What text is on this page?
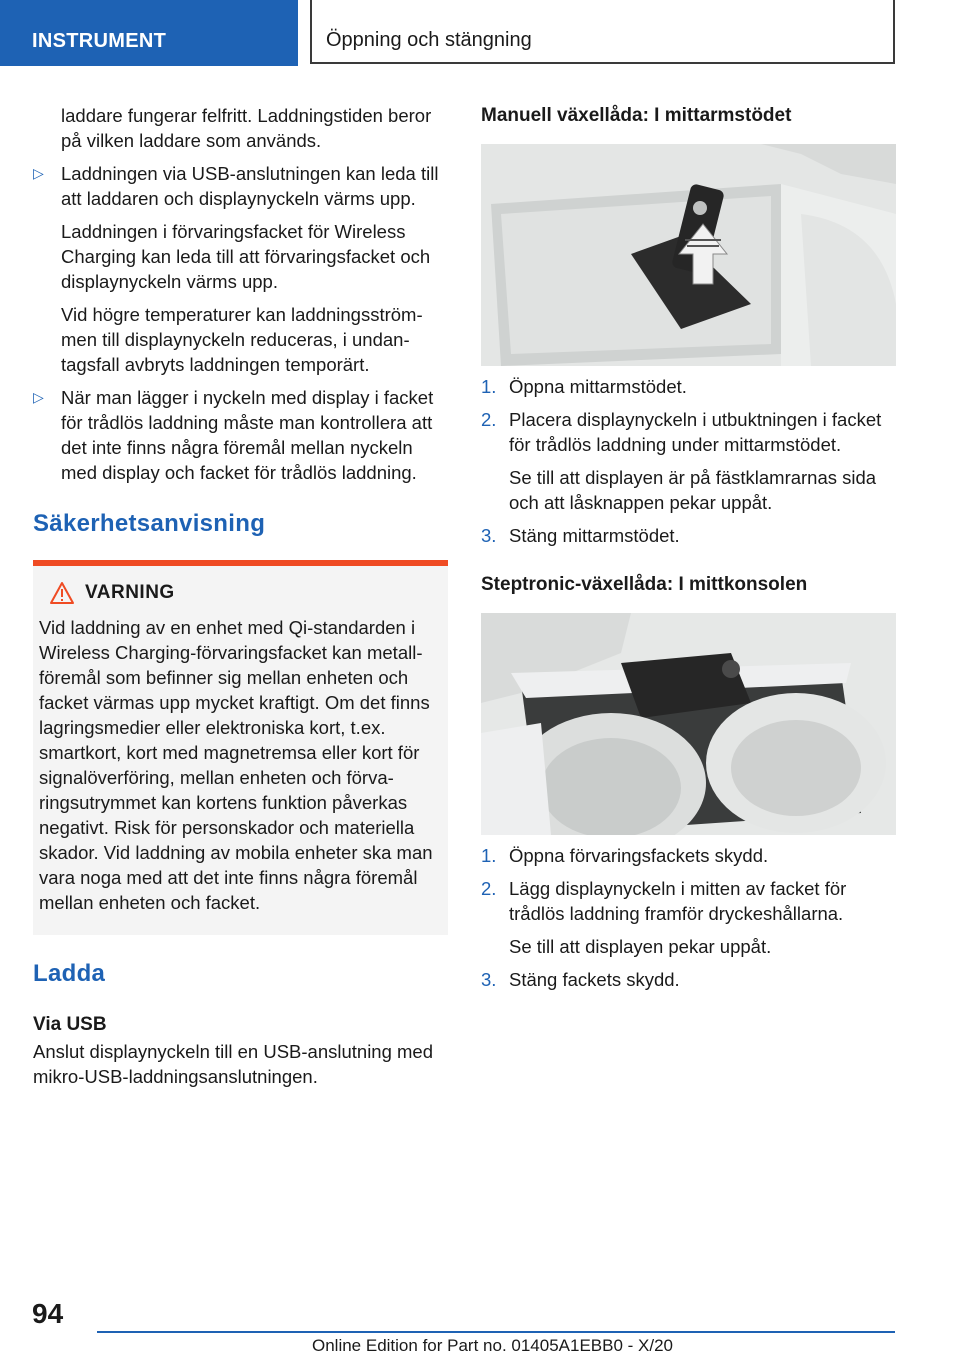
INSTRUMENT	Öppning och stängning

laddare fungerar felfritt. Laddningstiden beror på vilken laddare som används.

▷ Laddningen via USB-anslutningen kan leda till att laddaren och displaynyckeln värms upp.

Laddningen i förvaringsfacket för Wireless Charging kan leda till att förvaringsfacket och displaynyckeln värms upp.

Vid högre temperaturer kan laddningsströmmen till displaynyckeln reduceras, i undantagsfall avbryts laddningen temporärt.

▷ När man lägger i nyckeln med display i facket för trådlös laddning måste man kontrollera att det inte finns några föremål mellan nyckeln med display och facket för trådlös laddning.
Säkerhetsanvisning
VARNING

Vid laddning av en enhet med Qi-standarden i Wireless Charging-förvaringsfacket kan metallföremål som befinner sig mellan enheten och facket värmas upp mycket kraftigt. Om det finns lagringsmedier eller elektroniska kort, t.ex. smartkort, kort med magnetremsa eller kort för signalöverföring, mellan enheten och förvaringsutrymmet kan kortens funktion påverkas negativt. Risk för personskador och materiella skador. Vid laddning av mobila enheter ska man vara noga med att det inte finns några föremål mellan enheten och facket.

Ladda
Via USB

Anslut displaynyckeln till en USB-anslutning med mikro-USB-laddningsanslutningen.

Manuell växellåda: I mittarmstödet

1. Öppna mittarmstödet.
2. Placera displaynyckeln i utbuktningen i facket för trådlös laddning under mittarmstödet.

Se till att displayen är på fästklamrarnas sida och att låsknappen pekar uppåt.

3. Stäng mittarmstödet.

Steptronic-växellåda: I mittkonsolen

1. Öppna förvaringsfackets skydd.
2. Lägg displaynyckeln i mitten av facket för trådlös laddning framför dryckeshållarna.

Se till att displayen pekar uppåt.

3. Stäng fackets skydd.
94
Online Edition for Part no. 01405A1EBB0 - X/20
